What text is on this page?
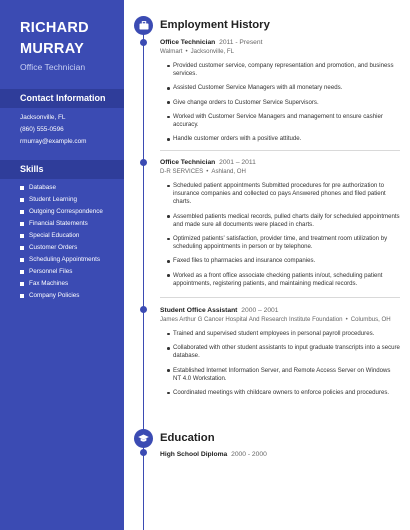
RICHARD
MURRAY
Office Technician
Contact Information
Jacksonville, FL
(860) 555-0596
rmurray@example.com
Skills
Database
Student Learning
Outgoing Correspondence
Financial Statements
Special Education
Customer Orders
Scheduling Appointments
Personnel Files
Fax Machines
Company Policies
Employment History
Office Technician 2011 - Present
Walmart • Jacksonville, FL
Provided customer service, company representation and promotion, and business services.
Assisted Customer Service Managers with all monetary needs.
Give change orders to Customer Service Supervisors.
Worked with Customer Service Managers and management to ensure cashier accuracy.
Handle customer orders with a positive attitude.
Office Technician 2001 – 2011
D-R SERVICES • Ashland, OH
Scheduled patient appointments Submitted procedures for pre authorization to insurance companies and collected co pays Answered phones and filed patient charts.
Assembled patients medical records, pulled charts daily for scheduled appointments and made sure all documents were placed in charts.
Optimized patients' satisfaction, provider time, and treatment room utilization by scheduling appointments in person or by telephone.
Faxed files to pharmacies and insurance companies.
Worked as a front office associate checking patients in/out, scheduling patient appointments, registering patients, and maintaining medical records.
Student Office Assistant 2000 – 2001
James Arthur G Cancer Hospital And Research Institute Foundation • Columbus, OH
Trained and supervised student employees in personal payroll procedures.
Collaborated with other student assistants to input graduate transcripts into a secure database.
Established Internet Information Server, and Remote Access Server on Windows NT 4.0 Workstation.
Coordinated meetings with childcare owners to enforce policies and procedures.
Education
High School Diploma 2000 - 2000
